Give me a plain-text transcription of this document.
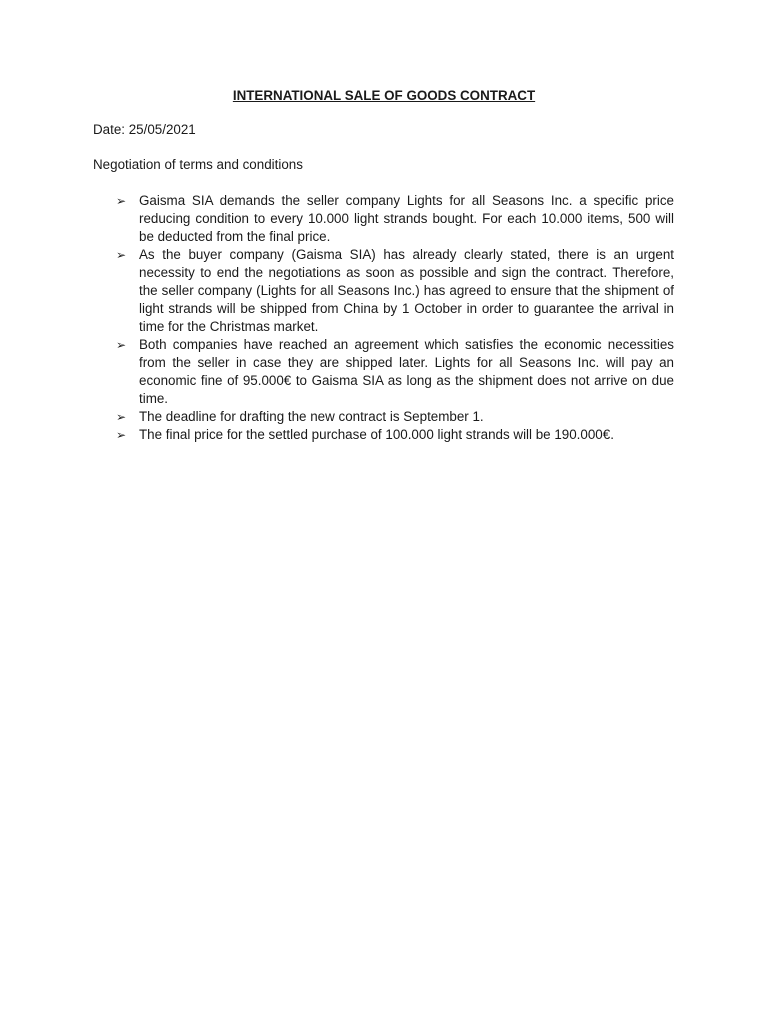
INTERNATIONAL SALE OF GOODS CONTRACT
Date: 25/05/2021
Negotiation of terms and conditions
➢ Gaisma SIA demands the seller company Lights for all Seasons Inc. a specific price reducing condition to every 10.000 light strands bought. For each 10.000 items, 500 will be deducted from the final price.
➢ As the buyer company (Gaisma SIA) has already clearly stated, there is an urgent necessity to end the negotiations as soon as possible and sign the contract. Therefore, the seller company (Lights for all Seasons Inc.) has agreed to ensure that the shipment of light strands will be shipped from China by 1 October in order to guarantee the arrival in time for the Christmas market.
➢ Both companies have reached an agreement which satisfies the economic necessities from the seller in case they are shipped later. Lights for all Seasons Inc. will pay an economic fine of 95.000€ to Gaisma SIA as long as the shipment does not arrive on due time.
➢ The deadline for drafting the new contract is September 1.
➢ The final price for the settled purchase of 100.000 light strands will be 190.000€.
